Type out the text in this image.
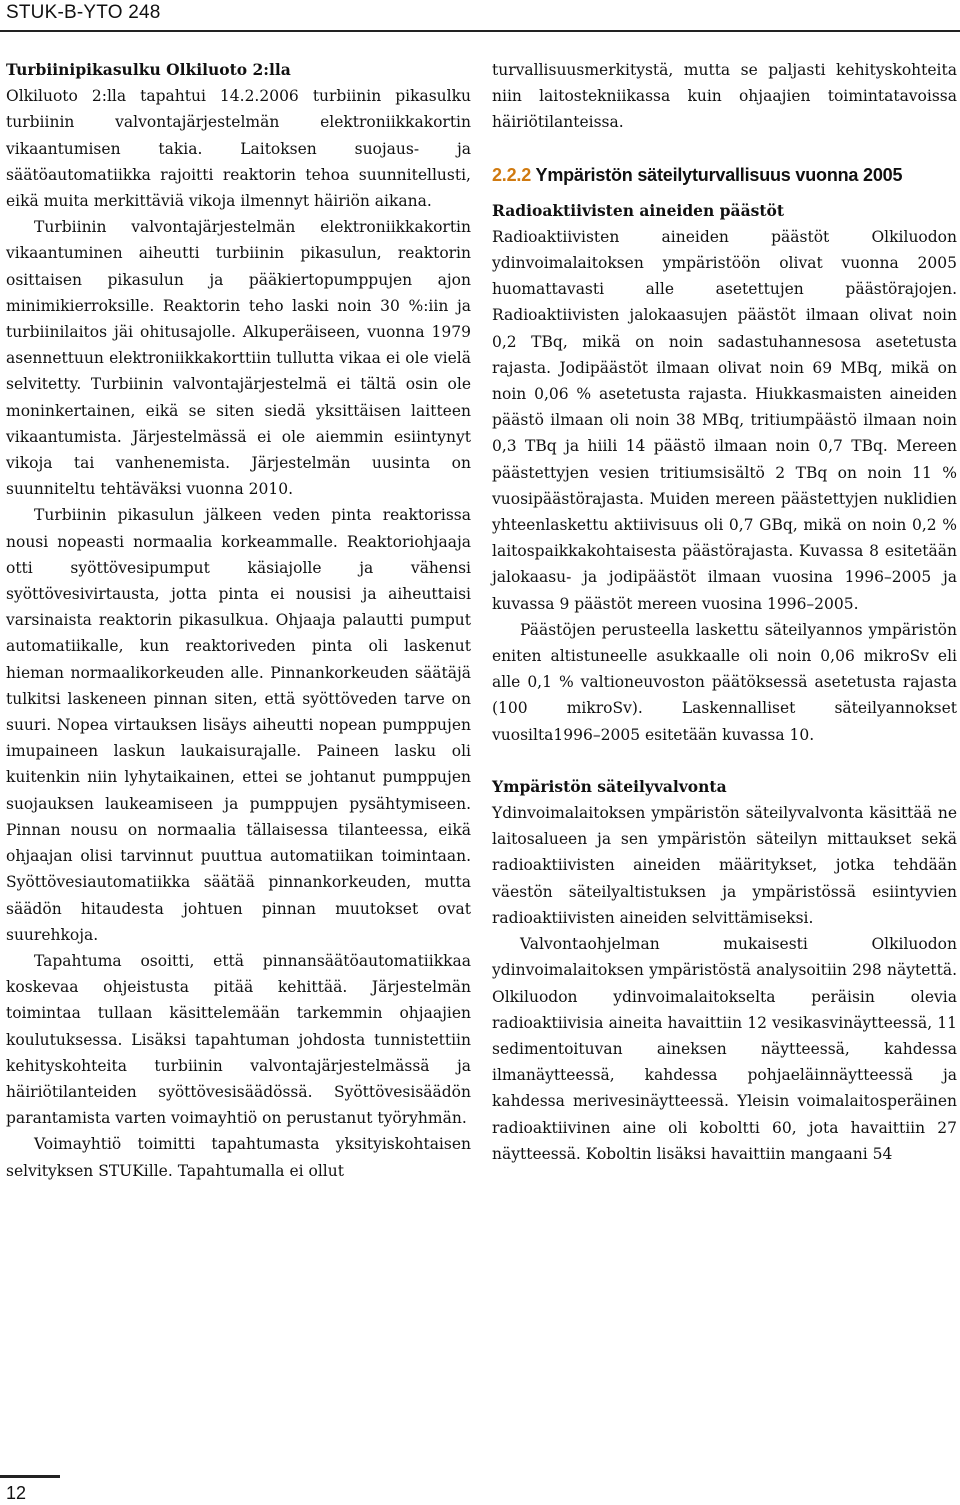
STUK-B-YTO 248
Turbiinipikasulku Olkiluoto 2:lla

Olkiluoto 2:lla tapahtui 14.2.2006 turbiinin pikasulku turbiinin valvontajärjestelmän elektroniikkakortin vikaantumisen takia. Laitoksen suojaus- ja säätöautomatiikka rajoitti reaktorin tehoa suunnitellusti, eikä muita merkittäviä vikoja ilmennyt häiriön aikana.

Turbiinin valvontajärjestelmän elektroniikkakortin vikaantuminen aiheutti turbiinin pikasulun, reaktorin osittaisen pikasulun ja pääkiertopumppujen ajon minimikierroksille. Reaktorin teho laski noin 30 %:iin ja turbiinilaitos jäi ohitusajolle. Alkuperäiseen, vuonna 1979 asennettuun elektroniikkakorttiin tullutta vikaa ei ole vielä selvitetty. Turbiinin valvontajärjestelmä ei tältä osin ole moninkertainen, eikä se siten siedä yksittäisen laitteen vikaantumista. Järjestelmässä ei ole aiemmin esiintynyt vikoja tai vanhenemista. Järjestelmän uusinta on suunniteltu tehtäväksi vuonna 2010.

Turbiinin pikasulun jälkeen veden pinta reaktorissa nousi nopeasti normaalia korkeammalle. Reaktoriohjaaja otti syöttövesipumput käsiajolle ja vähensi syöttövesivirtausta, jotta pinta ei nousisi ja aiheuttaisi varsinaista reaktorin pikasulkua. Ohjaaja palautti pumput automatiikalle, kun reaktoriveden pinta oli laskenut hieman normaalikorkeuden alle. Pinnankorkeuden säätäjä tulkitsi laskeneen pinnan siten, että syöttöveden tarve on suuri. Nopea virtauksen lisäys aiheutti nopean pumppujen imupaineen laskun laukaisurajalle. Paineen lasku oli kuitenkin niin lyhytaikainen, ettei se johtanut pumppujen suojauksen laukeamiseen ja pumppujen pysähtymiseen. Pinnan nousu on normaalia tällaisessa tilanteessa, eikä ohjaajan olisi tarvinnut puuttua automatiikan toimintaan. Syöttövesiautomatiikka säätää pinnankorkeuden, mutta säädön hitaudesta johtuen pinnan muutokset ovat suurehkoja.

Tapahtuma osoitti, että pinnansäätöautomatiikkaa koskevaa ohjeistusta pitää kehittää. Järjestelmän toimintaa tullaan käsittelemään tarkemmin ohjaajien koulutuksessa. Lisäksi tapahtuman johdosta tunnistettiin kehityskohteita turbiinin valvontajärjestelmässä ja häiriötilanteiden syöttövesisäädössä. Syöttövesisäädön parantamista varten voimayhtiö on perustanut työryhmän.

Voimayhtiö toimitti tapahtumasta yksityiskohtaisen selvityksen STUKille. Tapahtumalla ei ollut

turvallisuusmerkitystä, mutta se paljasti kehityskohteita niin laitostekniikassa kuin ohjaajien toimintatavoissa häiriötilanteissa.

2.2.2 Ympäristön säteilyturvallisuus vuonna 2005
Radioaktiivisten aineiden päästöt

Radioaktiivisten aineiden päästöt Olkiluodon ydinvoimalaitoksen ympäristöön olivat vuonna 2005 huomattavasti alle asetettujen päästörajojen. Radioaktiivisten jalokaasujen päästöt ilmaan olivat noin 0,2 TBq, mikä on noin sadastuhannesosa asetetusta rajasta. Jodipäästöt ilmaan olivat noin 69 MBq, mikä on noin 0,06 % asetetusta rajasta. Hiukkasmaisten aineiden päästö ilmaan oli noin 38 MBq, tritiumpäästö ilmaan noin 0,3 TBq ja hiili 14 päästö ilmaan noin 0,7 TBq. Mereen päästettyjen vesien tritiumsisältö 2 TBq on noin 11 % vuosipäästörajasta. Muiden mereen päästettyjen nuklidien yhteenlaskettu aktiivisuus oli 0,7 GBq, mikä on noin 0,2 % laitospaikkakohtaisesta päästörajasta. Kuvassa 8 esitetään jalokaasu- ja jodipäästöt ilmaan vuosina 1996–2005 ja kuvassa 9 päästöt mereen vuosina 1996–2005.

Päästöjen perusteella laskettu säteilyannos ympäristön eniten altistuneelle asukkaalle oli noin 0,06 mikroSv eli alle 0,1 % valtioneuvoston päätöksessä asetetusta rajasta (100 mikroSv). Laskennalliset säteilyannokset vuosilta1996–2005 esitetään kuvassa 10.

Ympäristön säteilyvalvonta

Ydinvoimalaitoksen ympäristön säteilyvalvonta käsittää ne laitosalueen ja sen ympäristön säteilyn mittaukset sekä radioaktiivisten aineiden määritykset, jotka tehdään väestön säteilyaltistuksen ja ympäristössä esiintyvien radioaktiivisten aineiden selvittämiseksi.

Valvontaohjelman mukaisesti Olkiluodon ydinvoimalaitoksen ympäristöstä analysoitiin 298 näytettä. Olkiluodon ydinvoimalaitokselta peräisin olevia radioaktiivisia aineita havaittiin 12 vesikasvinäytteessä, 11 sedimentoituvan aineksen näytteessä, kahdessa ilmanäytteessä, kahdessa pohjaeläinnäytteessä ja kahdessa merivesinäytteessä. Yleisin voimalaitosperäinen radioaktiivinen aine oli koboltti 60, jota havaittiin 27 näytteessä. Koboltin lisäksi havaittiin mangaani 54

12
